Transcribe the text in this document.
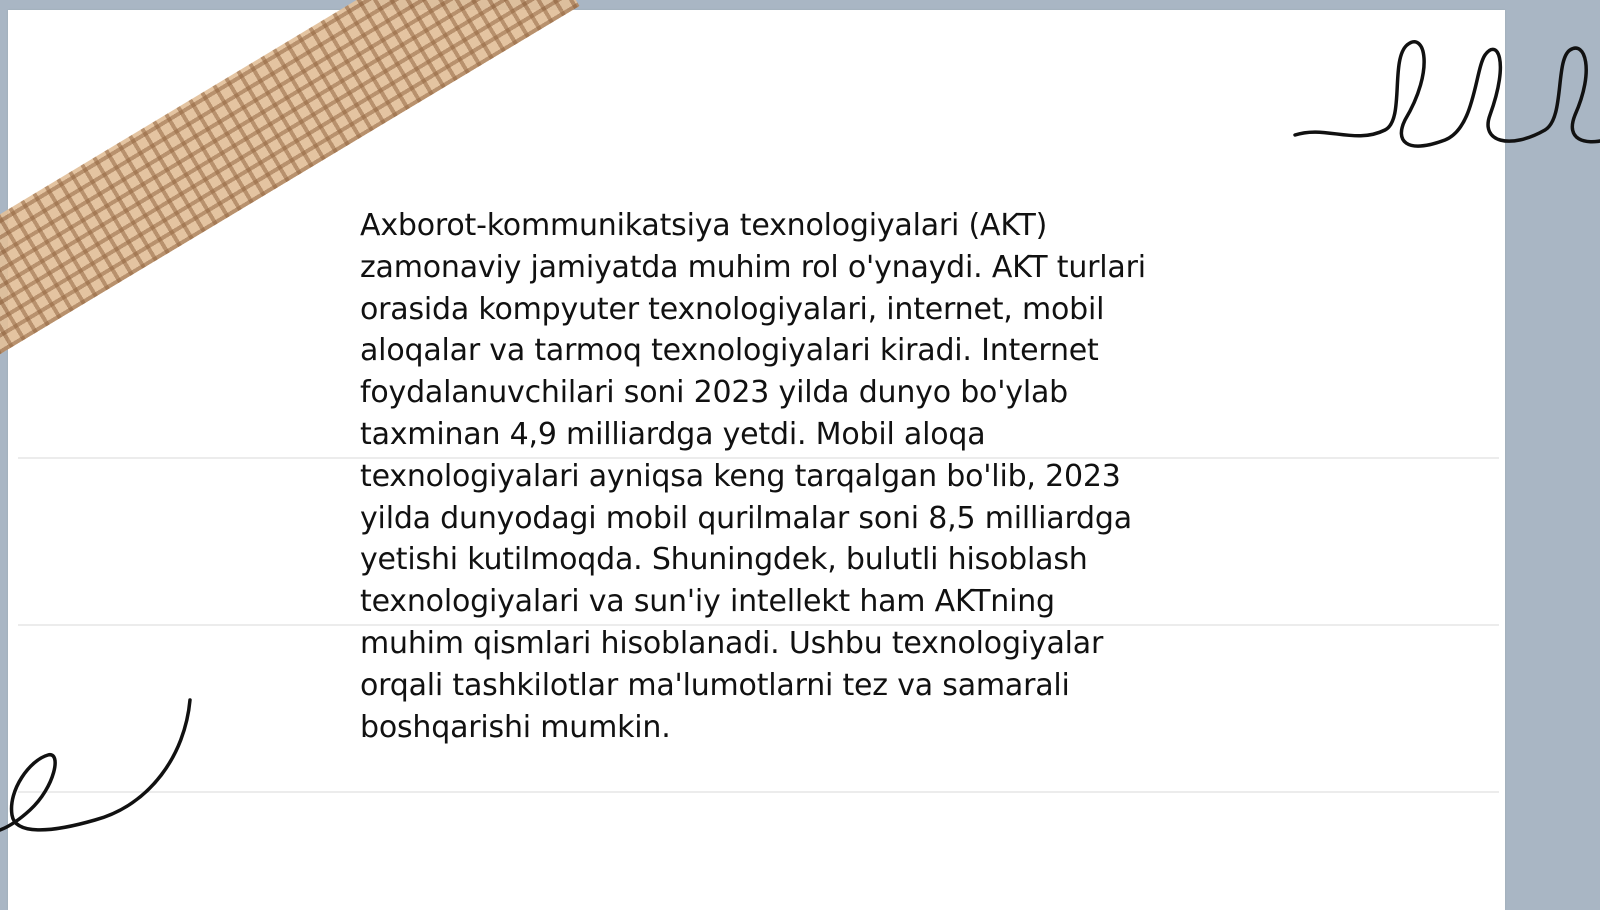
Axborot-kommunikatsiya texnologiyalari (AKT)
zamonaviy jamiyatda muhim rol o'ynaydi. AKT turlari
orasida kompyuter texnologiyalari, internet, mobil
aloqalar va tarmoq texnologiyalari kiradi. Internet
foydalanuvchilari soni 2023 yilda dunyo bo'ylab
taxminan 4,9 milliardga yetdi. Mobil aloqa
texnologiyalari ayniqsa keng tarqalgan bo'lib, 2023
yilda dunyodagi mobil qurilmalar soni 8,5 milliardga
yetishi kutilmoqda. Shuningdek, bulutli hisoblash
texnologiyalari va sun'iy intellekt ham AKTning
muhim qismlari hisoblanadi. Ushbu texnologiyalar
orqali tashkilotlar ma'lumotlarni tez va samarali
boshqarishi mumkin.
